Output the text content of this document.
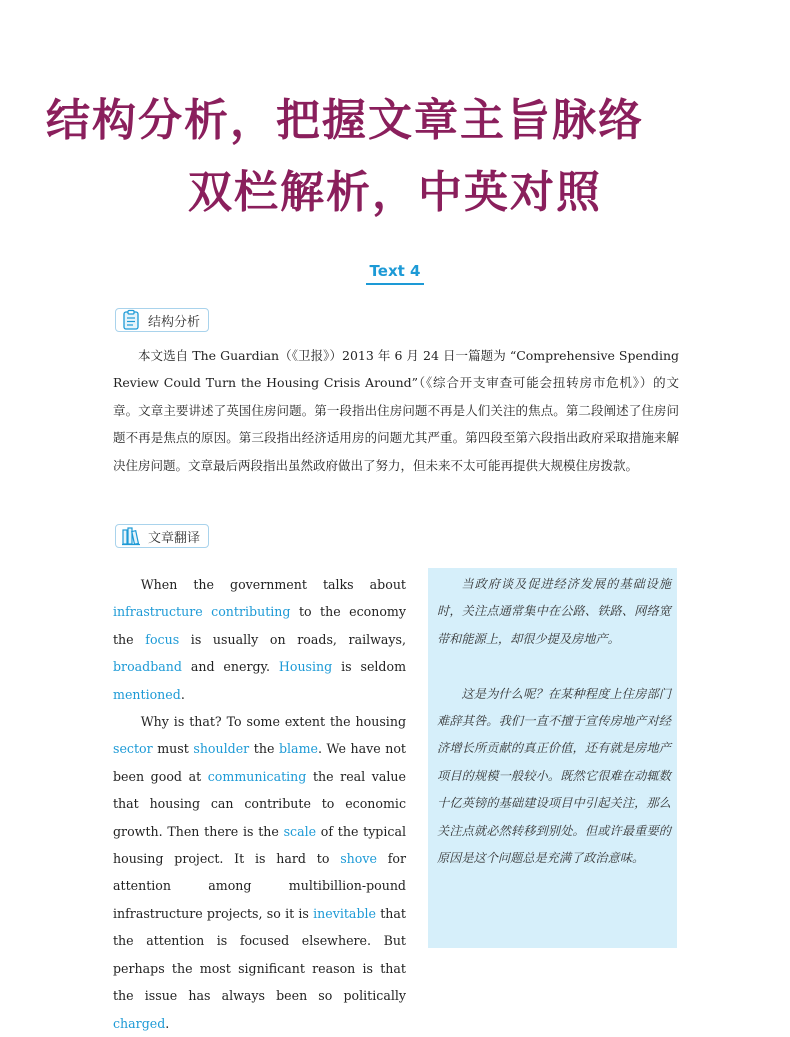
结构分析，把握文章主旨脉络
双栏解析，中英对照
Text 4
结构分析

本文选自 The Guardian（《卫报》）2013 年 6 月 24 日一篇题为 “Comprehensive Spending Review Could Turn the Housing Crisis Around”（《综合开支审查可能会扭转房市危机》）的文章。文章主要讲述了英国住房问题。第一段指出住房问题不再是人们关注的焦点。第二段阐述了住房问题不再是焦点的原因。第三段指出经济适用房的问题尤其严重。第四段至第六段指出政府采取措施来解决住房问题。文章最后两段指出虽然政府做出了努力，但未来不太可能再提供大规模住房拨款。

文章翻译

When the government talks about infrastructure contributing to the economy the focus is usually on roads, railways, broadband and energy. Housing is seldom mentioned.

Why is that? To some extent the housing sector must shoulder the blame. We have not been good at communicating the real value that housing can contribute to economic growth. Then there is the scale of the typical housing project. It is hard to shove for attention among multibillion-pound infrastructure projects, so it is inevitable that the attention is focused elsewhere. But perhaps the most significant reason is that the issue has always been so politically charged.

当政府谈及促进经济发展的基础设施时，关注点通常集中在公路、铁路、网络宽带和能源上，却很少提及房地产。

这是为什么呢？在某种程度上住房部门难辞其咎。我们一直不擅于宣传房地产对经济增长所贡献的真正价值，还有就是房地产项目的规模一般较小。既然它很难在动辄数十亿英镑的基础建设项目中引起关注，那么关注点就必然转移到别处。但或许最重要的原因是这个问题总是充满了政治意味。
